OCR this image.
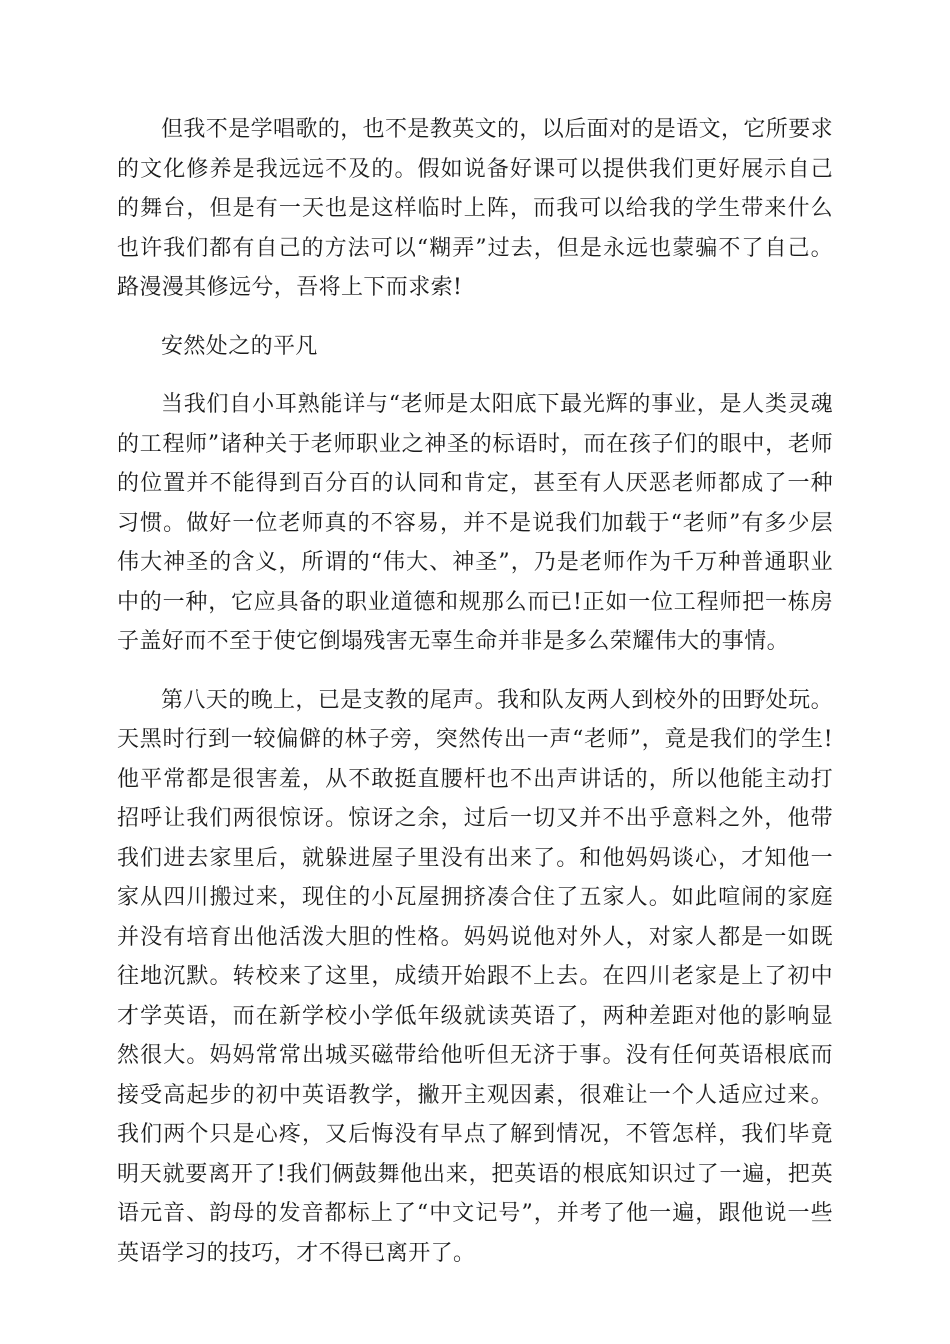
但我不是学唱歌的，也不是教英文的，以后面对的是语文，它所要求的文化修养是我远远不及的。假如说备好课可以提供我们更好展示自己的舞台，但是有一天也是这样临时上阵，而我可以给我的学生带来什么也许我们都有自己的方法可以“糊弄”过去，但是永远也蒙骗不了自己。路漫漫其修远兮，吾将上下而求索!

安然处之的平凡

当我们自小耳熟能详与“老师是太阳底下最光辉的事业，是人类灵魂的工程师”诸种关于老师职业之神圣的标语时，而在孩子们的眼中，老师的位置并不能得到百分百的认同和肯定，甚至有人厌恶老师都成了一种习惯。做好一位老师真的不容易，并不是说我们加载于“老师”有多少层伟大神圣的含义，所谓的“伟大、神圣”，乃是老师作为千万种普通职业中的一种，它应具备的职业道德和规那么而已!正如一位工程师把一栋房子盖好而不至于使它倒塌残害无辜生命并非是多么荣耀伟大的事情。

第八天的晚上，已是支教的尾声。我和队友两人到校外的田野处玩。天黑时行到一较偏僻的林子旁，突然传出一声“老师”，竟是我们的学生!他平常都是很害羞，从不敢挺直腰杆也不出声讲话的，所以他能主动打招呼让我们两很惊讶。惊讶之余，过后一切又并不出乎意料之外，他带我们进去家里后，就躲进屋子里没有出来了。和他妈妈谈心，才知他一家从四川搬过来，现住的小瓦屋拥挤凑合住了五家人。如此喧闹的家庭并没有培育出他活泼大胆的性格。妈妈说他对外人，对家人都是一如既往地沉默。转校来了这里，成绩开始跟不上去。在四川老家是上了初中才学英语，而在新学校小学低年级就读英语了，两种差距对他的影响显然很大。妈妈常常出城买磁带给他听但无济于事。没有任何英语根底而接受高起步的初中英语教学，撇开主观因素，很难让一个人适应过来。我们两个只是心疼，又后悔没有早点了解到情况，不管怎样，我们毕竟明天就要离开了!我们俩鼓舞他出来，把英语的根底知识过了一遍，把英语元音、韵母的发音都标上了“中文记号”，并考了他一遍，跟他说一些英语学习的技巧，才不得已离开了。
